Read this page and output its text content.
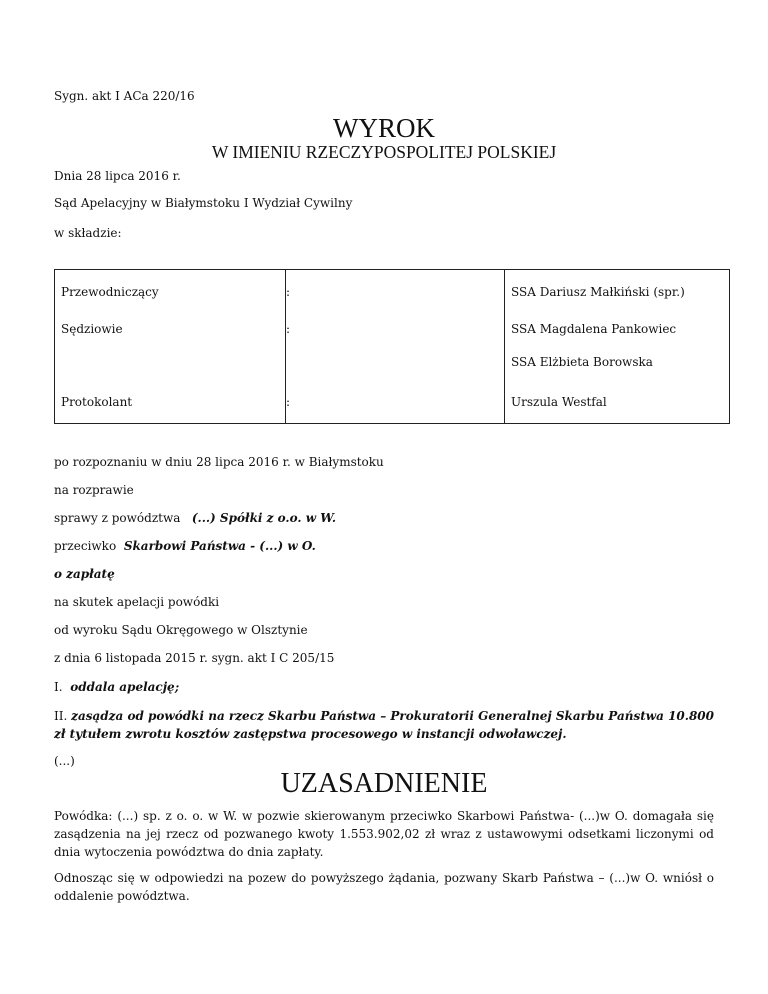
Sygn. akt I ACa 220/16
WYROK
W IMIENIU RZECZYPOSPOLITEJ POLSKIEJ
Dnia 28 lipca 2016 r.
Sąd Apelacyjny w Białymstoku I Wydział Cywilny
w składzie:
Przewodniczący	:	SSA Dariusz Małkiński (spr.)
Sędziowie	:	SSA Magdalena Pankowiec
SSA Elżbieta Borowska

Protokolant	:	Urszula Westfal
po rozpoznaniu w dniu 28 lipca 2016 r. w Białymstoku
na rozprawie
sprawy z powództwa (...) Spółki z o.o. w W.
przeciwko Skarbowi Państwa - (...) w O.
o zapłatę
na skutek apelacji powódki
od wyroku Sądu Okręgowego w Olsztynie
z dnia 6 listopada 2015 r. sygn. akt I C 205/15
I. oddala apelację;
II. zasądza od powódki na rzecz Skarbu Państwa – Prokuratorii Generalnej Skarbu Państwa 10.800 zł tytułem zwrotu kosztów zastępstwa procesowego w instancji odwoławczej.
(...)
UZASADNIENIE
Powódka: (...) sp. z o. o. w W. w pozwie skierowanym przeciwko Skarbowi Państwa- (...)w O. domagała się zasądzenia na jej rzecz od pozwanego kwoty 1.553.902,02 zł wraz z ustawowymi odsetkami liczonymi od dnia wytoczenia powództwa do dnia zapłaty.
Odnosząc się w odpowiedzi na pozew do powyższego żądania, pozwany Skarb Państwa – (...)w O. wniósł o oddalenie powództwa.
